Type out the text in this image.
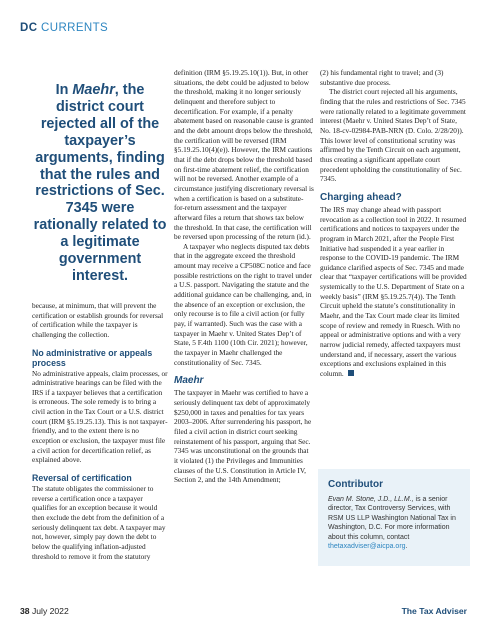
DC CURRENTS
In Maehr, the district court rejected all of the taxpayer’s arguments, finding that the rules and restrictions of Sec. 7345 were rationally related to a legitimate government interest.

because, at minimum, that will prevent the certification or establish grounds for reversal of certification while the taxpayer is challenging the collection.

No administrative or appeals process

No administrative appeals, claim processes, or administrative hearings can be filed with the IRS if a taxpayer believes that a certification is erroneous. The sole remedy is to bring a civil action in the Tax Court or a U.S. district court (IRM §5.19.25.13). This is not taxpayer-friendly, and to the extent there is no exception or exclusion, the taxpayer must file a civil action for decertification relief, as explained above.

Reversal of certification

The statute obligates the commissioner to reverse a certification once a taxpayer qualifies for an exception because it would then exclude the debt from the definition of a seriously delinquent tax debt. A taxpayer may not, however, simply pay down the debt to below the qualifying inflation-adjusted threshold to remove it from the statutory

definition (IRM §5.19.25.10(1)). But, in other situations, the debt could be adjusted to below the threshold, making it no longer seriously delinquent and therefore subject to decertification. For example, if a penalty abatement based on reasonable cause is granted and the debt amount drops below the threshold, the certification will be reversed (IRM §5.19.25.10(4)(e)). However, the IRM cautions that if the debt drops below the threshold based on first-time abatement relief, the certification will not be reversed. Another example of a circumstance justifying discretionary reversal is when a certification is based on a substitute-for-return assessment and the taxpayer afterward files a return that shows tax below the threshold. In that case, the certification will be reversed upon processing of the return (id.).

A taxpayer who neglects disputed tax debts that in the aggregate exceed the threshold amount may receive a CP508C notice and face possible restrictions on the right to travel under a U.S. passport. Navigating the statute and the additional guidance can be challenging, and, in the absence of an exception or exclusion, the only recourse is to file a civil action (or fully pay, if warranted). Such was the case with a taxpayer in Maehr v. United States Dep’t of State, 5 F.4th 1100 (10th Cir. 2021); however, the taxpayer in Maehr challenged the constitutionality of Sec. 7345.

Maehr

The taxpayer in Maehr was certified to have a seriously delinquent tax debt of approximately $250,000 in taxes and penalties for tax years 2003–2006. After surrendering his passport, he filed a civil action in district court seeking reinstatement of his passport, arguing that Sec. 7345 was unconstitutional on the grounds that it violated (1) the Privileges and Immunities clauses of the U.S. Constitution in Article IV, Section 2, and the 14th Amendment;

(2) his fundamental right to travel; and (3) substantive due process.

The district court rejected all his arguments, finding that the rules and restrictions of Sec. 7345 were rationally related to a legitimate government interest (Maehr v. United States Dep’t of State, No. 18-cv-02984-PAB-NRN (D. Colo. 2/28/20)). This lower level of constitutional scrutiny was affirmed by the Tenth Circuit on each argument, thus creating a significant appellate court precedent upholding the constitutionality of Sec. 7345.

Charging ahead?

The IRS may change ahead with passport revocation as a collection tool in 2022. It resumed certifications and notices to taxpayers under the program in March 2021, after the People First Initiative had suspended it a year earlier in response to the COVID-19 pandemic. The IRM guidance clarified aspects of Sec. 7345 and made clear that “taxpayer certifications will be provided systemically to the U.S. Department of State on a weekly basis” (IRM §5.19.25.7(4)). The Tenth Circuit upheld the statute’s constitutionality in Maehr, and the Tax Court made clear its limited scope of review and remedy in Ruesch. With no appeal or administrative options and with a very narrow judicial remedy, affected taxpayers must understand and, if necessary, assert the various exceptions and exclusions explained in this column.

Contributor

Evan M. Stone, J.D., LL.M., is a senior director, Tax Controversy Services, with RSM US LLP Washington National Tax in Washington, D.C. For more information about this column, contact thetaxadviser@aicpa.org.

38 July 2022	The Tax Adviser
